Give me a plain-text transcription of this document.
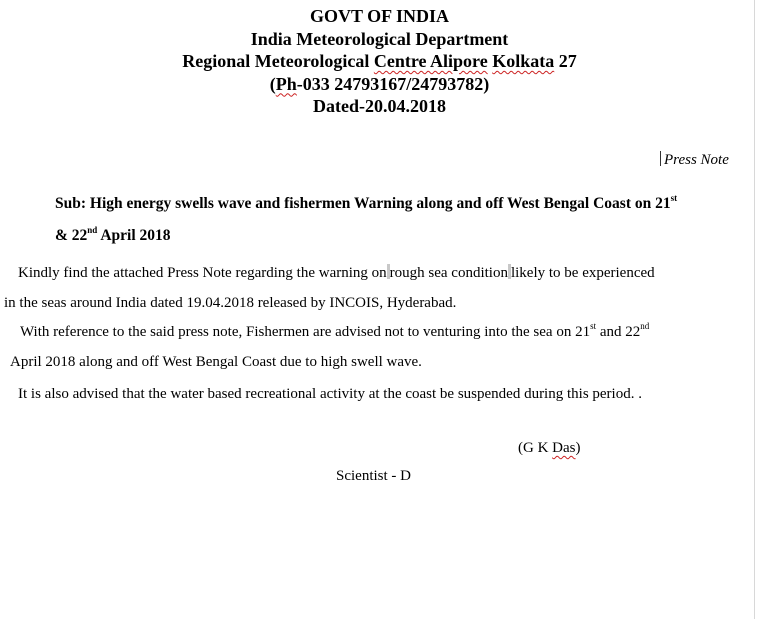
GOVT OF INDIA
India Meteorological Department
Regional Meteorological Centre Alipore Kolkata 27
(Ph-033 24793167/24793782)
Dated-20.04.2018
Press Note
Sub: High energy swells wave and fishermen Warning along and off West Bengal Coast on 21st
& 22nd April 2018
Kindly find the attached Press Note regarding the warning on rough sea condition likely to be experienced
in the seas around India dated 19.04.2018 released by INCOIS, Hyderabad.
With reference to the said press note, Fishermen are advised not to venturing into the sea on 21st and 22nd
April 2018 along and off West Bengal Coast due to high swell wave.
It is also advised that the water based recreational activity at the coast be suspended during this period. .
(G K Das)
Scientist - D
